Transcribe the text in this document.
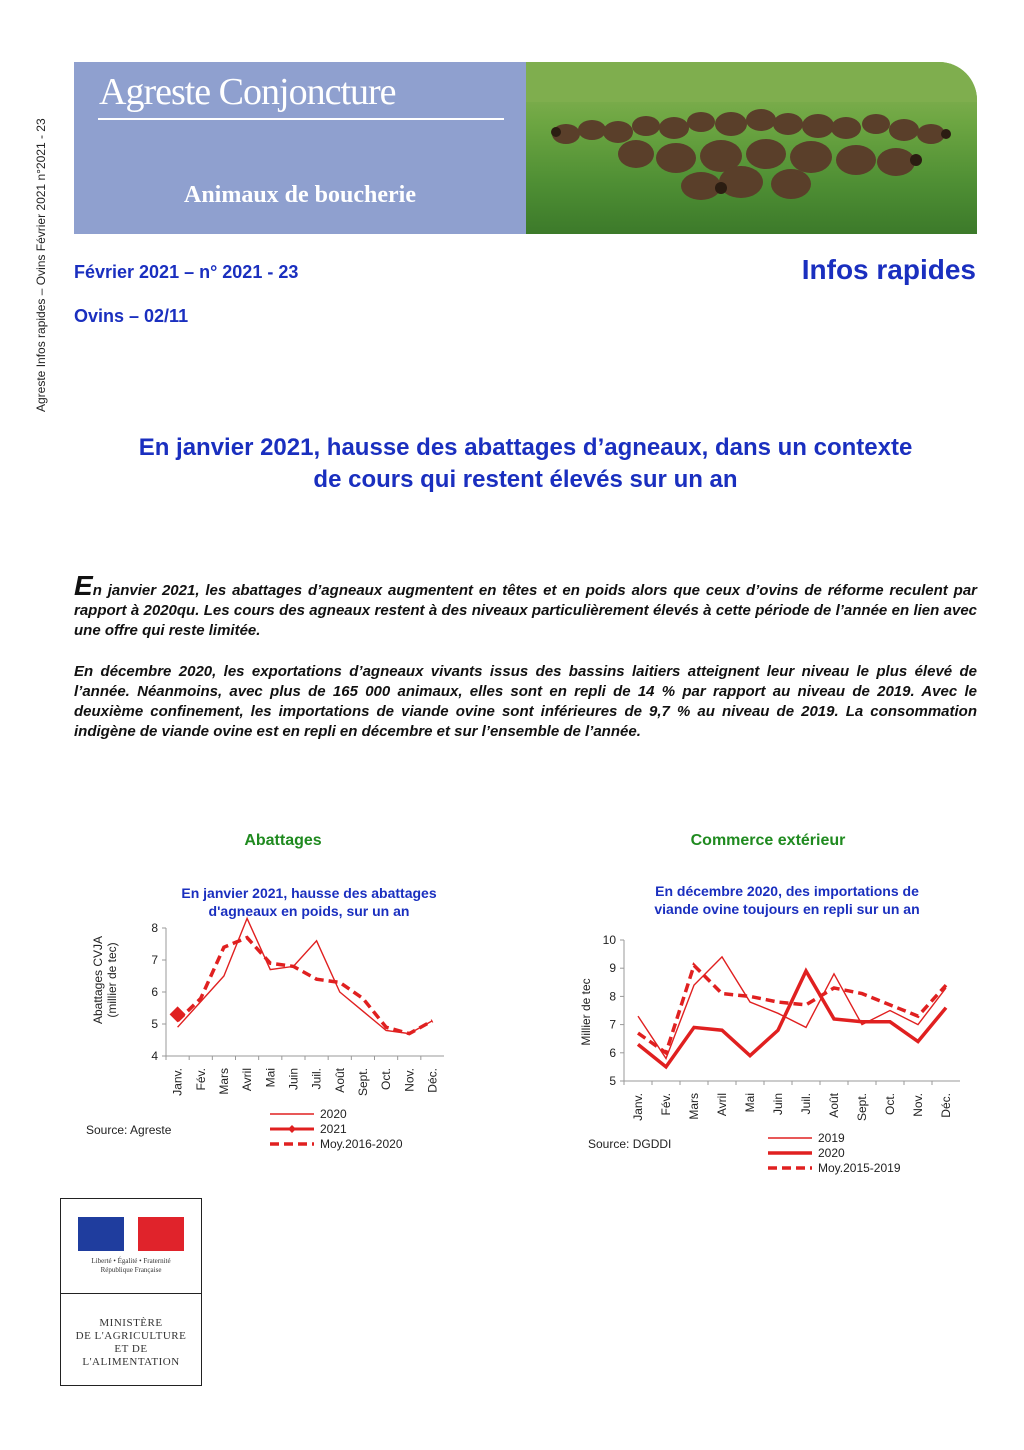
Agreste Infos rapides – Ovins Février 2021 n°2021 - 23
Agreste Conjoncture
Animaux de boucherie
Février 2021 – n° 2021 - 23	Infos rapides
Ovins – 02/11
En janvier 2021, hausse des abattages d’agneaux, dans un contexte
de cours qui restent élevés sur un an
En janvier 2021, les abattages d’agneaux augmentent en têtes et en poids alors que ceux d’ovins de réforme reculent par rapport à 2020qu. Les cours des agneaux restent à des niveaux particulièrement élevés à cette période de l’année en lien avec une offre qui reste limitée.
En décembre 2020, les exportations d’agneaux vivants issus des bassins laitiers atteignent leur niveau le plus élevé de l’année. Néanmoins, avec plus de 165 000 animaux, elles sont en repli de 14 % par rapport au niveau de 2019. Avec le deuxième confinement, les importations de viande ovine sont inférieures de 9,7 % au niveau de 2019. La consommation indigène de viande ovine est en repli en décembre et sur l’ensemble de l’année.
Abattages
En janvier 2021, hausse des abattages
d'agneaux en poids, sur un an
4
5
6
7
8
Janv. Fév. Mars Avril Mai Juin Juil. Août Sept. Oct. Nov. Déc.
Abattages CVJA (millier de tec)
2020
2021
Moy.2016-2020
Source: Agreste
Commerce extérieur
En décembre 2020, des importations de
viande ovine toujours en repli sur un an
5
6
7
8
9
10
Janv. Fév. Mars Avril Mai Juin Juil. Août Sept. Oct. Nov. Déc.
Millier de tec
2019
2020
Moy.2015-2019
Source: DGDDI
Liberté • Égalité • Fraternité
République Française
MINISTÈRE
DE L'AGRICULTURE
ET DE
L'ALIMENTATION
